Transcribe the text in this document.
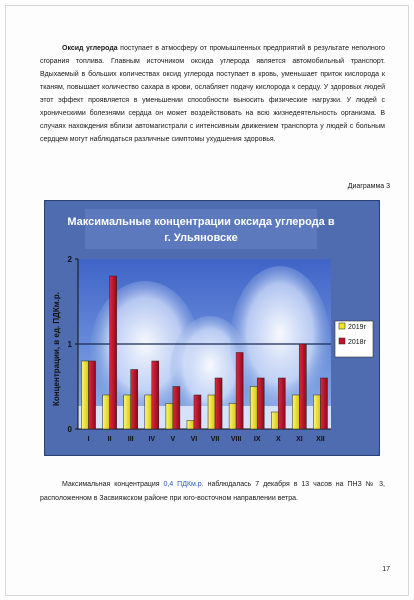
Оксид углерода поступает в атмосферу от промышленных предприятий в результате неполного сгорания топлива. Главным источником оксида углерода является автомобильный транспорт. Вдыхаемый в больших количествах оксид углерода поступает в кровь, уменьшает приток кислорода к тканям, повышает количество сахара в крови, ослабляет подачу кислорода к сердцу. У здоровых людей этот эффект проявляется в уменьшении способности выносить физические нагрузки. У людей с хроническими болезнями сердца он может воздействовать на всю жизнедеятельность организма. В случаях нахождения вблизи автомагистрали с интенсивным движением транспорта у людей с больным сердцем могут наблюдаться различные симптомы ухудшения здоровья.

Диаграмма 3
Максимальные концентрации оксида углерода в
г. Ульяновске
0
1
2
I	II III IV V VI VII VIII IX X XI XII
Концентрации, в ед. ПДКм.р.	2019г
2018г

Максимальная концентрация 0,4 ПДКм.р. наблюдалась 7 декабря в 13 часов на ПНЗ № 3, расположенном в Засвияжском районе при юго-восточном направлении ветра.

17
